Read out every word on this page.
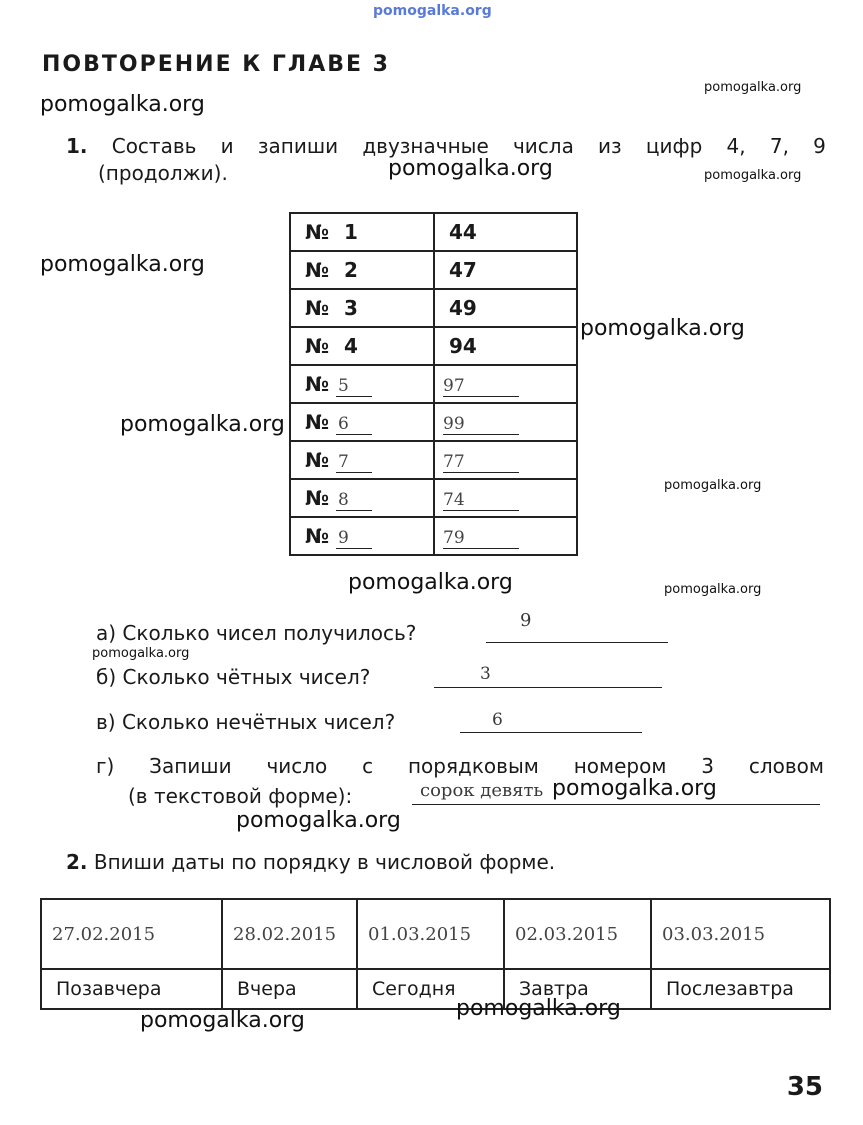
pomogalka.org
ПОВТОРЕНИЕ К ГЛАВЕ 3
pomogalka.org
pomogalka.org
1. Составь и запиши двузначные числа из цифр 4, 7, 9
(продолжи).	pomogalka.org	pomogalka.org
№ 1	44
№ 2	47
№ 3	49
№ 4	94
№ 5	97
№ 6	99
№ 7	77
№ 8	74
№ 9	79
pomogalka.org
pomogalka.org
pomogalka.org
pomogalka.org
pomogalka.org	pomogalka.org
а) Сколько чисел получилось?
9
pomogalka.org
б) Сколько чётных чисел?	3
в) Сколько нечётных чисел?	6
г) Запиши число с порядковым номером 3 словом
(в текстовой форме):	сорок девять pomogalka.org
pomogalka.org
2. Впиши даты по порядку в числовой форме.
27.02.2015	28.02.2015	01.03.2015	02.03.2015	03.03.2015
Позавчера	Вчера	Сегодня	Завтра	Послезавтра
pomogalka.org	pomogalka.org
35
